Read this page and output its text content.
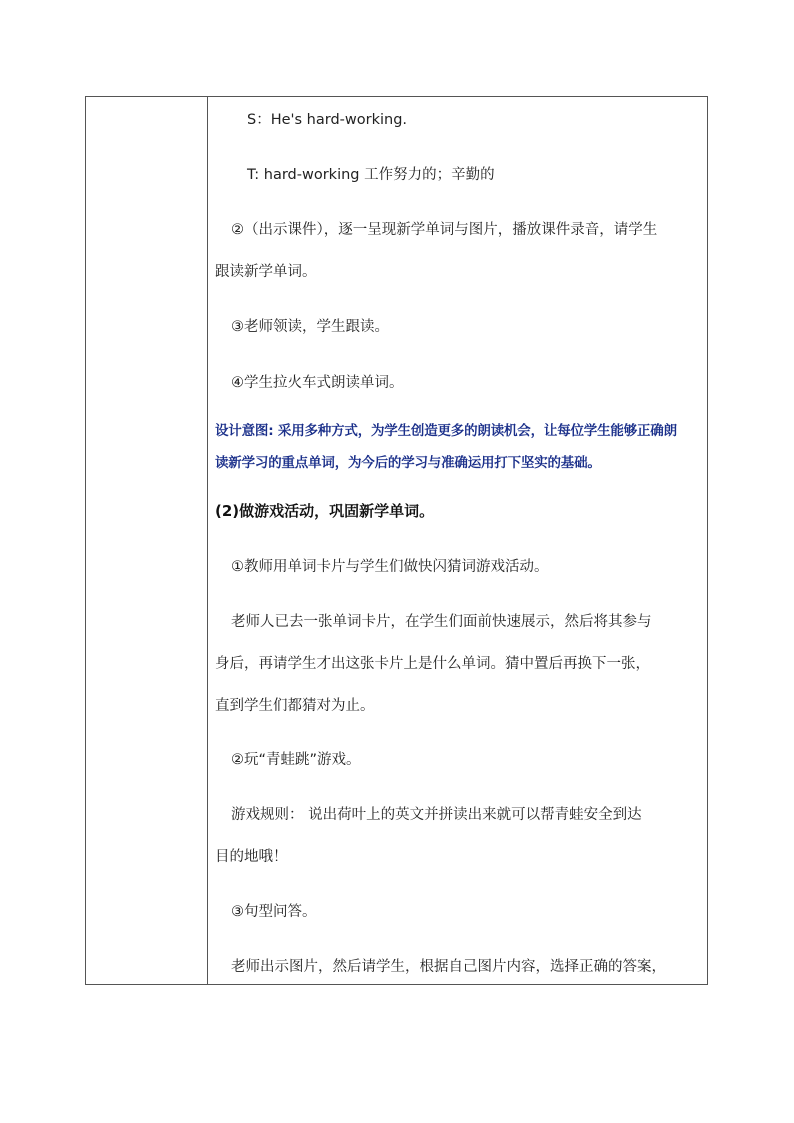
S：He's hard-working.
T: hard-working 工作努力的；辛勤的
②（出示课件），逐一呈现新学单词与图片，播放课件录音，请学生
跟读新学单词。
③老师领读，学生跟读。
④学生拉火车式朗读单词。
设计意图: 采用多种方式，为学生创造更多的朗读机会，让每位学生能够正确朗
读新学习的重点单词，为今后的学习与准确运用打下坚实的基础。
(2)做游戏活动，巩固新学单词。
①教师用单词卡片与学生们做快闪猜词游戏活动。
老师人已去一张单词卡片，在学生们面前快速展示，然后将其参与
身后，再请学生才出这张卡片上是什么单词。猜中置后再换下一张，
直到学生们都猜对为止。
②玩“青蛙跳”游戏。
游戏规则： 说出荷叶上的英文并拼读出来就可以帮青蛙安全到达
目的地哦！
③句型问答。
老师出示图片，然后请学生，根据自己图片内容，选择正确的答案，
